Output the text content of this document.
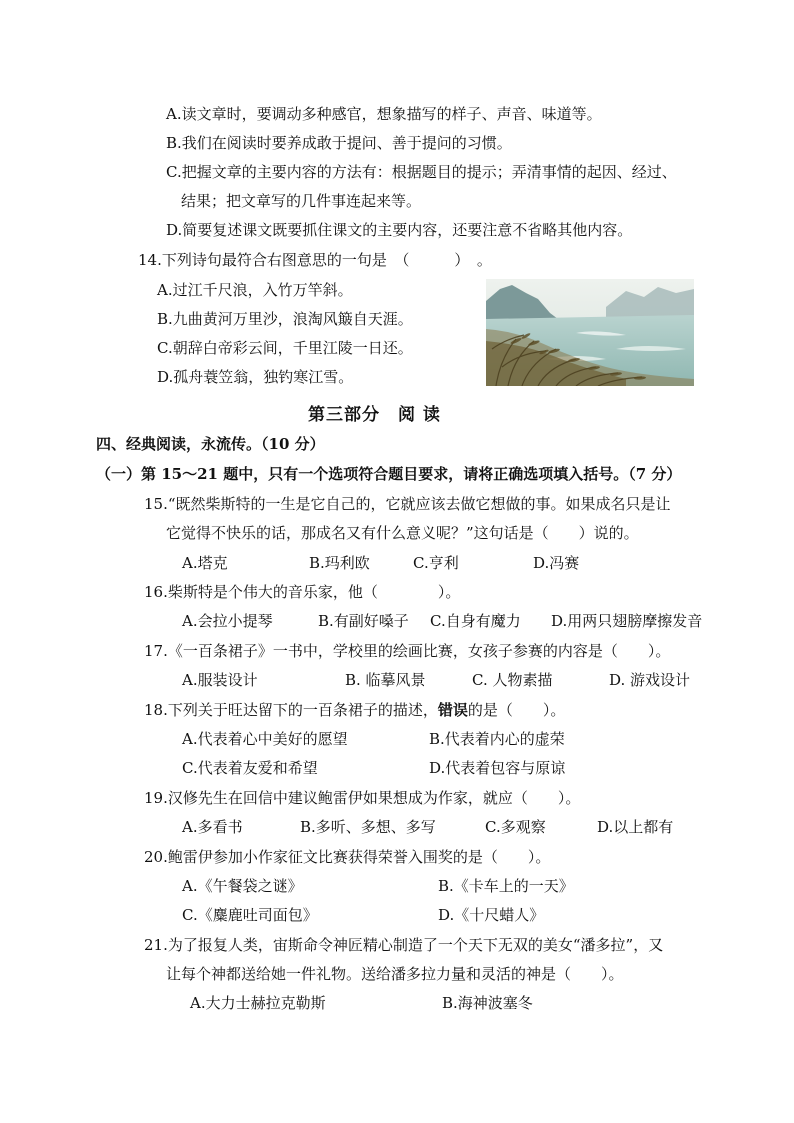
A.读文章时，要调动多种感官，想象描写的样子、声音、味道等。
B.我们在阅读时要养成敢于提问、善于提问的习惯。
C.把握文章的主要内容的方法有：根据题目的提示；弄清事情的起因、经过、
结果；把文章写的几件事连起来等。
D.简要复述课文既要抓住课文的主要内容，还要注意不省略其他内容。
14.下列诗句最符合右图意思的一句是　（　　　）　。
A.过江千尺浪，入竹万竿斜。
B.九曲黄河万里沙，浪淘风簸自天涯。
C.朝辞白帝彩云间，千里江陵一日还。
D.孤舟蓑笠翁，独钓寒江雪。
第三部分　阅 读
四、经典阅读，永流传。（10 分）
（一）第 15～21 题中，只有一个选项符合题目要求，请将正确选项填入括号。（7 分）
15.“既然柴斯特的一生是它自己的，它就应该去做它想做的事。如果成名只是让
它觉得不快乐的话，那成名又有什么意义呢？”这句话是（　　）说的。
A.塔克	B.玛利欧	C.亨利	D.冯赛
16.柴斯特是个伟大的音乐家，他（　　　　）。
A.会拉小提琴	B.有副好嗓子 C.自身有魔力 D.用两只翅膀摩擦发音
17.《一百条裙子》一书中，学校里的绘画比赛，女孩子参赛的内容是（　　）。
A.服装设计	B. 临摹风景	C. 人物素描	D. 游戏设计
18.下列关于旺达留下的一百条裙子的描述，错误的是（　　）。
A.代表着心中美好的愿望	B.代表着内心的虚荣
C.代表着友爱和希望	D.代表着包容与原谅
19.汉修先生在回信中建议鲍雷伊如果想成为作家，就应（　　）。
A.多看书	B.多听、多想、多写	C.多观察	D.以上都有
20.鲍雷伊参加小作家征文比赛获得荣誉入围奖的是（　　）。
A.《午餐袋之谜》	B.《卡车上的一天》
C.《麋鹿吐司面包》	D.《十尺蜡人》
21.为了报复人类，宙斯命令神匠精心制造了一个天下无双的美女“潘多拉”，又
让每个神都送给她一件礼物。送给潘多拉力量和灵活的神是（　　）。
A.大力士赫拉克勒斯	B.海神波塞冬
